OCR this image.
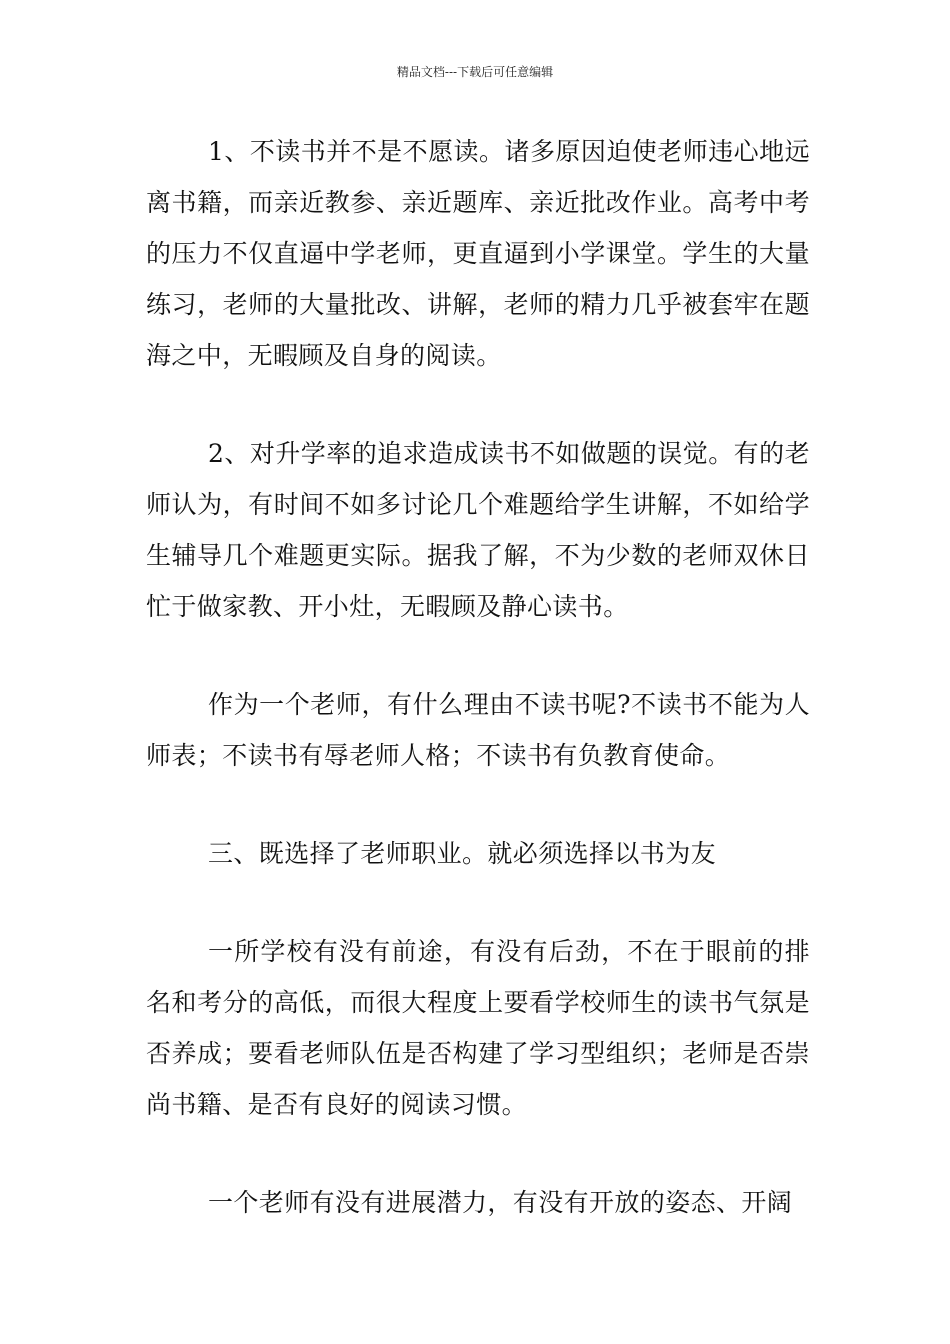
精品文档---下载后可任意编辑

1、不读书并不是不愿读。诸多原因迫使老师违心地远离书籍，而亲近教参、亲近题库、亲近批改作业。高考中考的压力不仅直逼中学老师，更直逼到小学课堂。学生的大量练习，老师的大量批改、讲解，老师的精力几乎被套牢在题海之中，无暇顾及自身的阅读。

2、对升学率的追求造成读书不如做题的误觉。有的老师认为，有时间不如多讨论几个难题给学生讲解，不如给学生辅导几个难题更实际。据我了解，不为少数的老师双休日忙于做家教、开小灶，无暇顾及静心读书。

作为一个老师，有什么理由不读书呢?不读书不能为人师表；不读书有辱老师人格；不读书有负教育使命。

三、既选择了老师职业。就必须选择以书为友

一所学校有没有前途，有没有后劲，不在于眼前的排名和考分的高低，而很大程度上要看学校师生的读书气氛是否养成；要看老师队伍是否构建了学习型组织；老师是否崇尚书籍、是否有良好的阅读习惯。

一个老师有没有进展潜力，有没有开放的姿态、开阔
